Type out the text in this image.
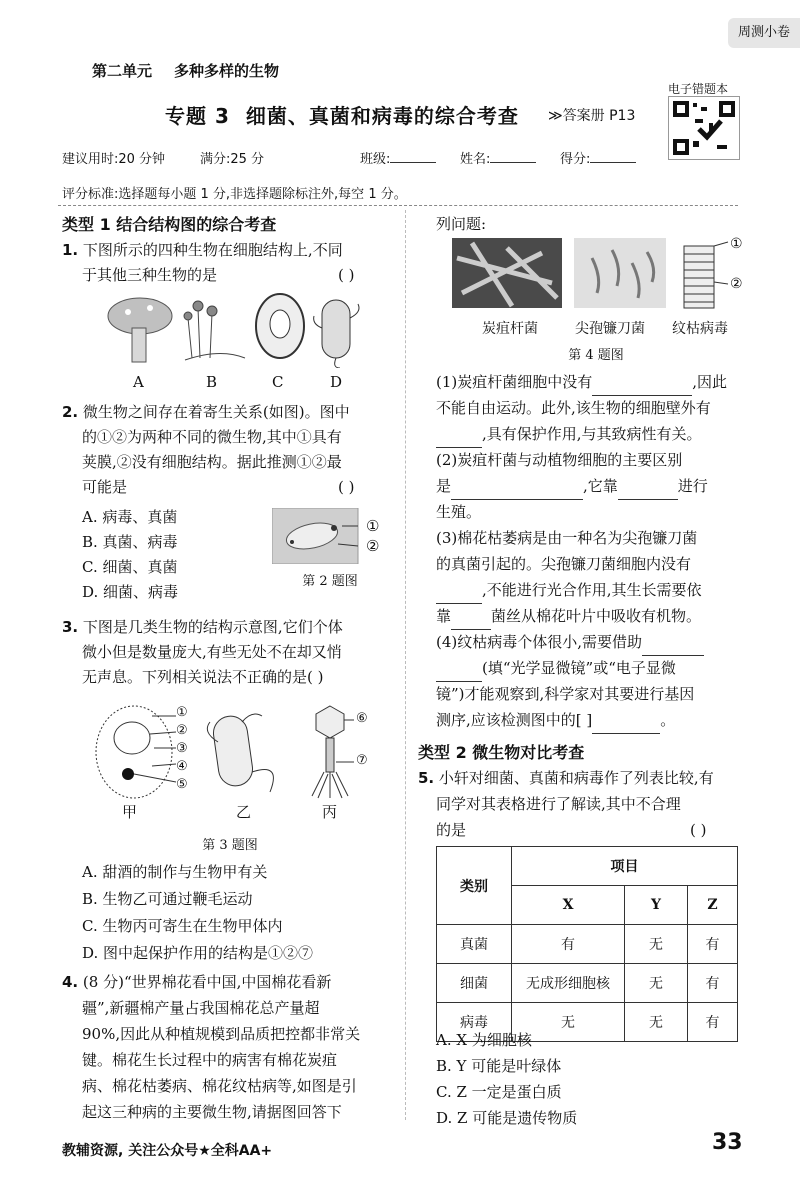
周测小卷
第二单元 多种多样的生物
专题 3 细菌、真菌和病毒的综合考查 ≫答案册 P13
电子错题本
建议用时:20 分钟	满分:25 分	班级:	姓名:	得分:
评分标准:选择题每小题 1 分,非选择题除标注外,每空 1 分。
类型 1 结合结构图的综合考查
1. 下图所示的四种生物在细胞结构上,不同
于其他三种生物的是	( )
A	B	C	D
2. 微生物之间存在着寄生关系(如图)。图中
的①②为两种不同的微生物,其中①具有
荚膜,②没有细胞结构。据此推测①②最
可能是	( )
A. 病毒、真菌
B. 真菌、病毒
C. 细菌、真菌
D. 细菌、病毒
①
②
第 2 题图
3. 下图是几类生物的结构示意图,它们个体
微小但是数量庞大,有些无处不在却又悄
无声息。下列相关说法不正确的是( )
①
②
③
④
⑤
⑥
⑦
甲	乙	丙
第 3 题图
A. 甜酒的制作与生物甲有关
B. 生物乙可通过鞭毛运动
C. 生物丙可寄生在生物甲体内
D. 图中起保护作用的结构是①②⑦
4. (8 分)“世界棉花看中国,中国棉花看新
疆”,新疆棉产量占我国棉花总产量超
90%,因此从种植规模到品质把控都非常关
键。棉花生长过程中的病害有棉花炭疽
病、棉花枯萎病、棉花纹枯病等,如图是引
起这三种病的主要微生物,请据图回答下
列问题:
①
②
炭疽杆菌	尖孢镰刀菌	纹枯病毒
第 4 题图
(1)炭疽杆菌细胞中没有	,因此
不能自由运动。此外,该生物的细胞壁外有
,具有保护作用,与其致病性有关。
(2)炭疽杆菌与动植物细胞的主要区别
是	,它靠	进行
生殖。
(3)棉花枯萎病是由一种名为尖孢镰刀菌
的真菌引起的。尖孢镰刀菌细胞内没有
,不能进行光合作用,其生长需要依
靠	菌丝从棉花叶片中吸收有机物。
(4)纹枯病毒个体很小,需要借助
(填“光学显微镜”或“电子显微
镜”)才能观察到,科学家对其要进行基因
测序,应该检测图中的[ ]	。
类型 2 微生物对比考查
5. 小轩对细菌、真菌和病毒作了列表比较,有
同学对其表格进行了解读,其中不合理
的是	( )
类别	项目		
	X	Y	Z
真菌	有	无	有
细菌	无成形细胞核	无	有
病毒	无	无	有
A. X 为细胞核
B. Y 可能是叶绿体
C. Z 一定是蛋白质
D. Z 可能是遗传物质
教辅资源, 关注公众号★全科AA+	33
